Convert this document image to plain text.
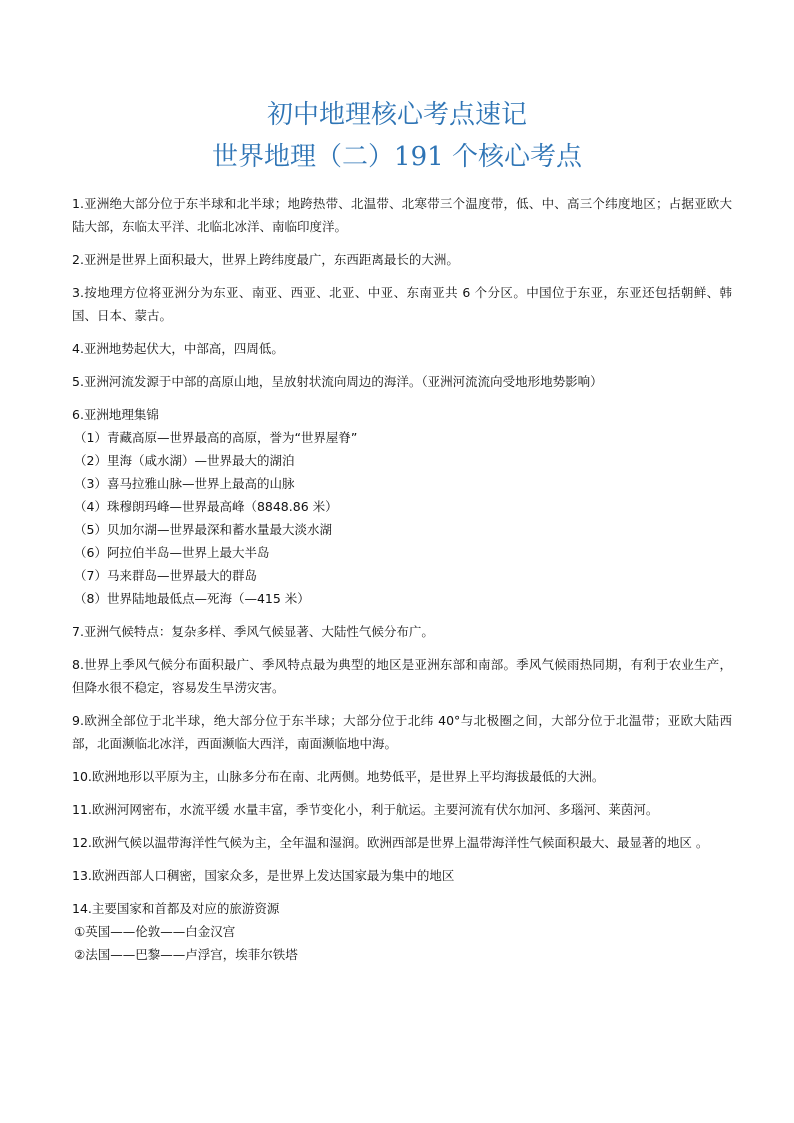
初中地理核心考点速记
世界地理（二）191 个核心考点

1.亚洲绝大部分位于东半球和北半球；地跨热带、北温带、北寒带三个温度带，低、中、高三个纬度地区；占据亚欧大陆大部，东临太平洋、北临北冰洋、南临印度洋。

2.亚洲是世界上面积最大，世界上跨纬度最广，东西距离最长的大洲。

3.按地理方位将亚洲分为东亚、南亚、西亚、北亚、中亚、东南亚共 6 个分区。中国位于东亚，东亚还包括朝鲜、韩国、日本、蒙古。

4.亚洲地势起伏大，中部高，四周低。

5.亚洲河流发源于中部的高原山地，呈放射状流向周边的海洋。（亚洲河流流向受地形地势影响）

6.亚洲地理集锦

（1）青藏高原—世界最高的高原，誉为“世界屋脊”

（2）里海（咸水湖）—世界最大的湖泊

（3）喜马拉雅山脉—世界上最高的山脉

（4）珠穆朗玛峰—世界最高峰（8848.86 米）

（5）贝加尔湖—世界最深和蓄水量最大淡水湖

（6）阿拉伯半岛—世界上最大半岛

（7）马来群岛—世界最大的群岛

（8）世界陆地最低点—死海（—415 米）

7.亚洲气候特点：复杂多样、季风气候显著、大陆性气候分布广。

8.世界上季风气候分布面积最广、季风特点最为典型的地区是亚洲东部和南部。季风气候雨热同期，有利于农业生产，但降水很不稳定，容易发生旱涝灾害。

9.欧洲全部位于北半球，绝大部分位于东半球；大部分位于北纬 40°与北极圈之间，大部分位于北温带；亚欧大陆西部，北面濒临北冰洋，西面濒临大西洋，南面濒临地中海。

10.欧洲地形以平原为主，山脉多分布在南、北两侧。地势低平，是世界上平均海拔最低的大洲。

11.欧洲河网密布，水流平缓 水量丰富，季节变化小，利于航运。主要河流有伏尔加河、多瑙河、莱茵河。

12.欧洲气候以温带海洋性气候为主，全年温和湿润。欧洲西部是世界上温带海洋性气候面积最大、最显著的地区 。

13.欧洲西部人口稠密，国家众多，是世界上发达国家最为集中的地区

14.主要国家和首都及对应的旅游资源

①英国——伦敦——白金汉宫

②法国——巴黎——卢浮宫，埃菲尔铁塔
